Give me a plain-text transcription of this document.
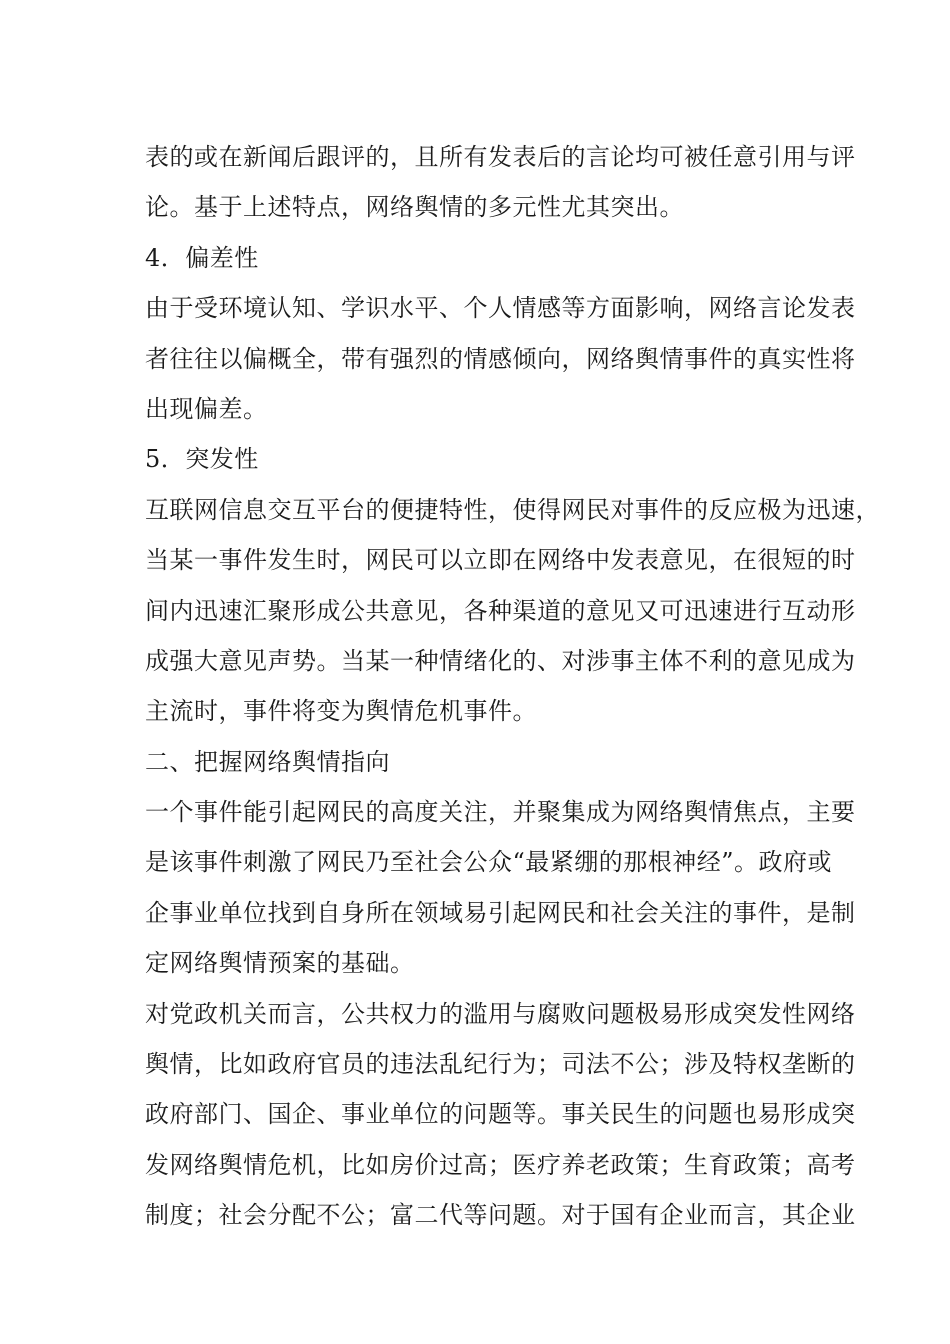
表的或在新闻后跟评的，且所有发表后的言论均可被任意引用与评
论。基于上述特点，网络舆情的多元性尤其突出。
4．偏差性
由于受环境认知、学识水平、个人情感等方面影响，网络言论发表
者往往以偏概全，带有强烈的情感倾向，网络舆情事件的真实性将
出现偏差。
5．突发性
互联网信息交互平台的便捷特性，使得网民对事件的反应极为迅速，
当某一事件发生时，网民可以立即在网络中发表意见，在很短的时
间内迅速汇聚形成公共意见，各种渠道的意见又可迅速进行互动形
成强大意见声势。当某一种情绪化的、对涉事主体不利的意见成为
主流时，事件将变为舆情危机事件。
二、把握网络舆情指向
一个事件能引起网民的高度关注，并聚集成为网络舆情焦点，主要
是该事件刺激了网民乃至社会公众“最紧绷的那根神经”。政府或
企事业单位找到自身所在领域易引起网民和社会关注的事件，是制
定网络舆情预案的基础。
对党政机关而言，公共权力的滥用与腐败问题极易形成突发性网络
舆情，比如政府官员的违法乱纪行为；司法不公；涉及特权垄断的
政府部门、国企、事业单位的问题等。事关民生的问题也易形成突
发网络舆情危机，比如房价过高；医疗养老政策；生育政策；高考
制度；社会分配不公；富二代等问题。对于国有企业而言，其企业
